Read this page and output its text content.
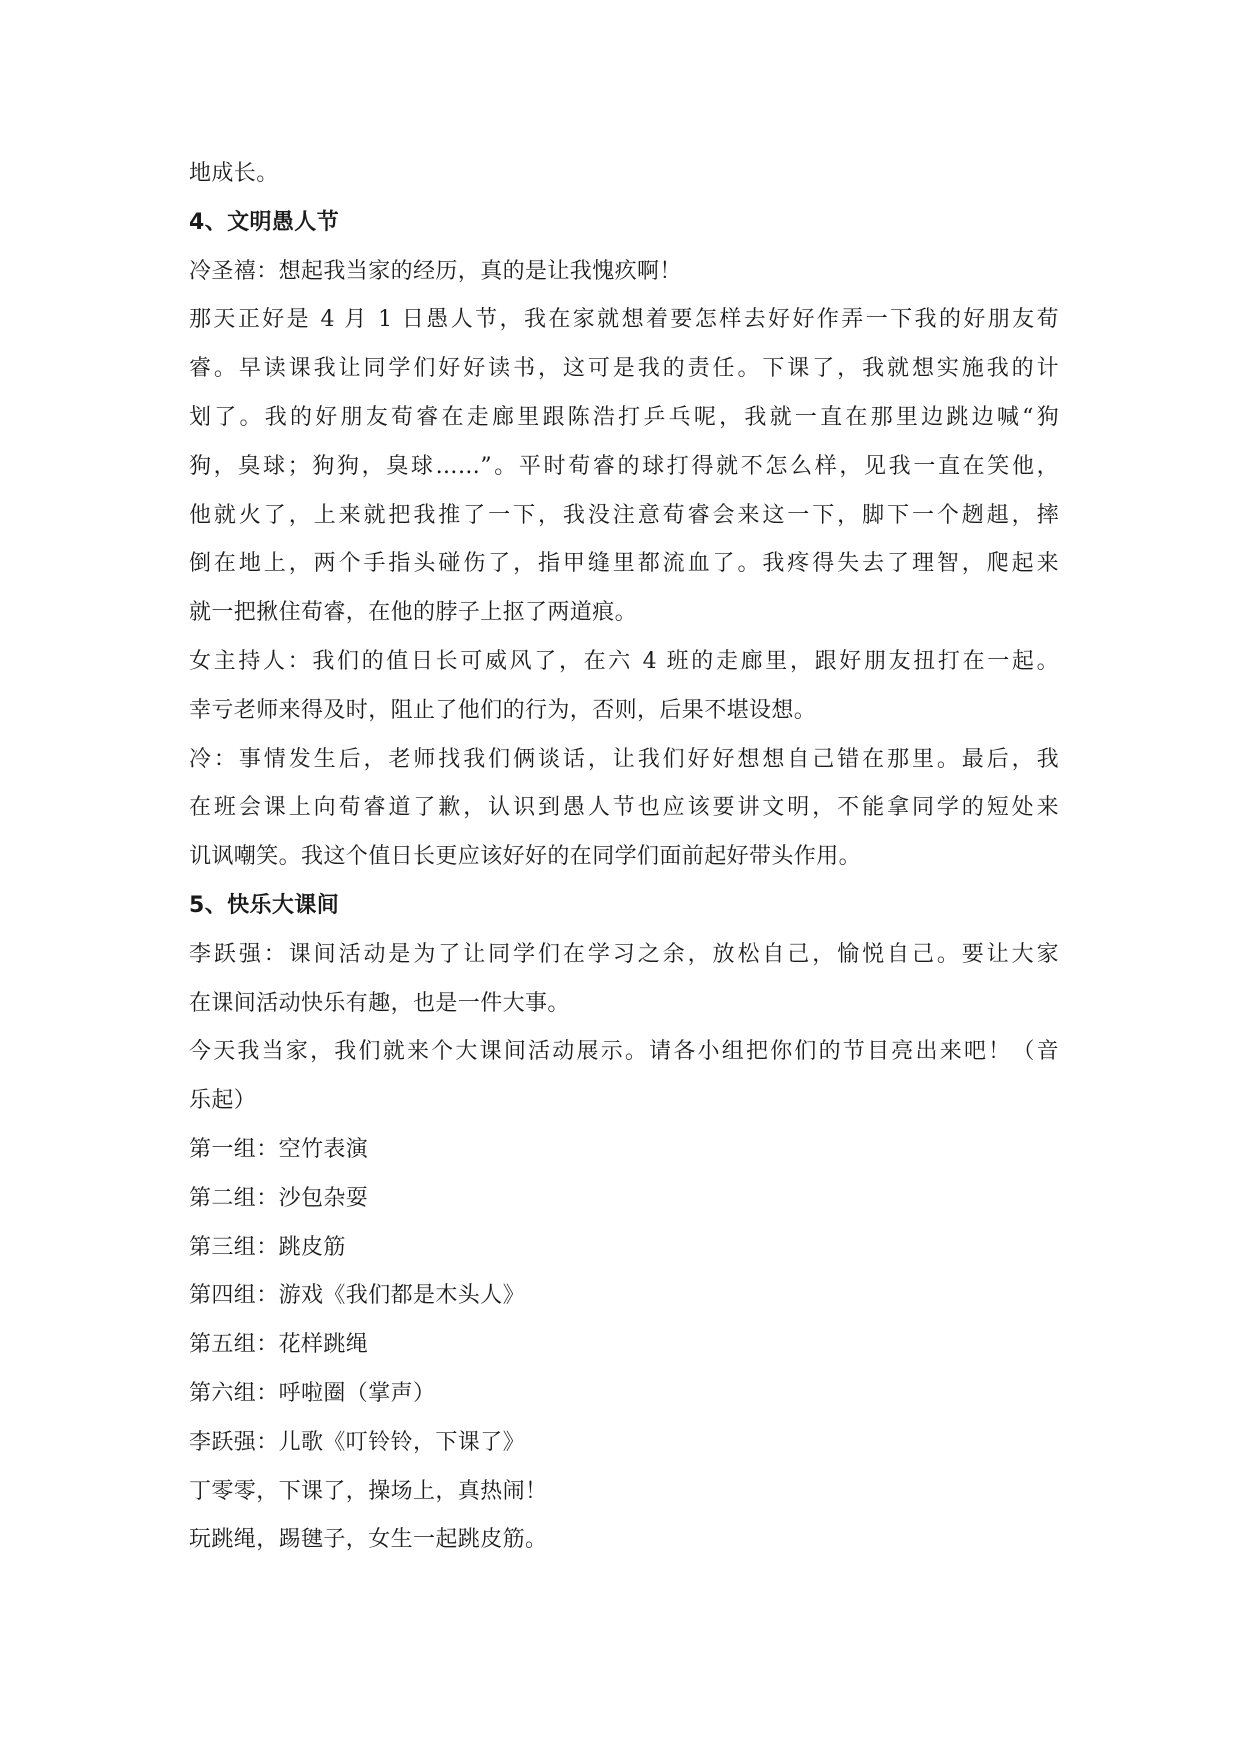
地成长。
4、文明愚人节
冷圣禧：想起我当家的经历，真的是让我愧疚啊！
那天正好是 4 月 1 日愚人节，我在家就想着要怎样去好好作弄一下我的好朋友荀
睿。早读课我让同学们好好读书，这可是我的责任。下课了，我就想实施我的计
划了。我的好朋友荀睿在走廊里跟陈浩打乒乓呢，我就一直在那里边跳边喊“狗
狗，臭球；狗狗，臭球……”。平时荀睿的球打得就不怎么样，见我一直在笑他，
他就火了，上来就把我推了一下，我没注意荀睿会来这一下，脚下一个趔趄，摔
倒在地上，两个手指头碰伤了，指甲缝里都流血了。我疼得失去了理智，爬起来
就一把揪住荀睿，在他的脖子上抠了两道痕。
女主持人：我们的值日长可威风了，在六 4 班的走廊里，跟好朋友扭打在一起。
幸亏老师来得及时，阻止了他们的行为，否则，后果不堪设想。
冷：事情发生后，老师找我们俩谈话，让我们好好想想自己错在那里。最后，我
在班会课上向荀睿道了歉，认识到愚人节也应该要讲文明，不能拿同学的短处来
讥讽嘲笑。我这个值日长更应该好好的在同学们面前起好带头作用。
5、快乐大课间
李跃强：课间活动是为了让同学们在学习之余，放松自己，愉悦自己。要让大家
在课间活动快乐有趣，也是一件大事。
今天我当家，我们就来个大课间活动展示。请各小组把你们的节目亮出来吧！（音
乐起）
第一组：空竹表演
第二组：沙包杂耍
第三组：跳皮筋
第四组：游戏《我们都是木头人》
第五组：花样跳绳
第六组：呼啦圈（掌声）
李跃强：儿歌《叮铃铃，下课了》
丁零零，下课了，操场上，真热闹！
玩跳绳，踢毽子，女生一起跳皮筋。
